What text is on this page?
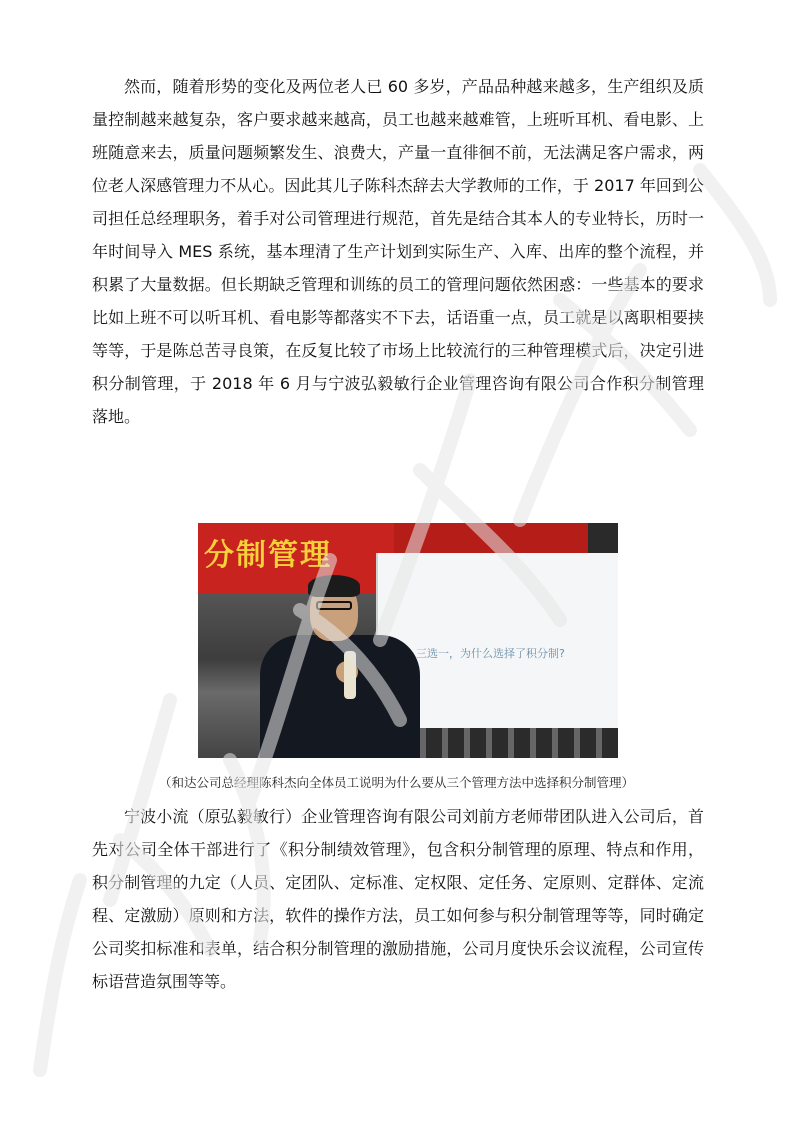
然而，随着形势的变化及两位老人已 60 多岁，产品品种越来越多，生产组织及质量控制越来越复杂，客户要求越来越高，员工也越来越难管，上班听耳机、看电影、上班随意来去，质量问题频繁发生、浪费大，产量一直徘徊不前，无法满足客户需求，两位老人深感管理力不从心。因此其儿子陈科杰辞去大学教师的工作，于 2017 年回到公司担任总经理职务，着手对公司管理进行规范，首先是结合其本人的专业特长，历时一年时间导入 MES 系统，基本理清了生产计划到实际生产、入库、出库的整个流程，并积累了大量数据。但长期缺乏管理和训练的员工的管理问题依然困惑：一些基本的要求比如上班不可以听耳机、看电影等都落实不下去，话语重一点，员工就是以离职相要挟等等，于是陈总苦寻良策，在反复比较了市场上比较流行的三种管理模式后，决定引进积分制管理，于 2018 年 6 月与宁波弘毅敏行企业管理咨询有限公司合作积分制管理落地。

分制管理
三选一，为什么选择了积分制?
（和达公司总经理陈科杰向全体员工说明为什么要从三个管理方法中选择积分制管理）

宁波小流（原弘毅敏行）企业管理咨询有限公司刘前方老师带团队进入公司后，首先对公司全体干部进行了《积分制绩效管理》，包含积分制管理的原理、特点和作用，积分制管理的九定（人员、定团队、定标准、定权限、定任务、定原则、定群体、定流程、定激励）原则和方法，软件的操作方法，员工如何参与积分制管理等等，同时确定公司奖扣标准和表单，结合积分制管理的激励措施，公司月度快乐会议流程，公司宣传标语营造氛围等等。
